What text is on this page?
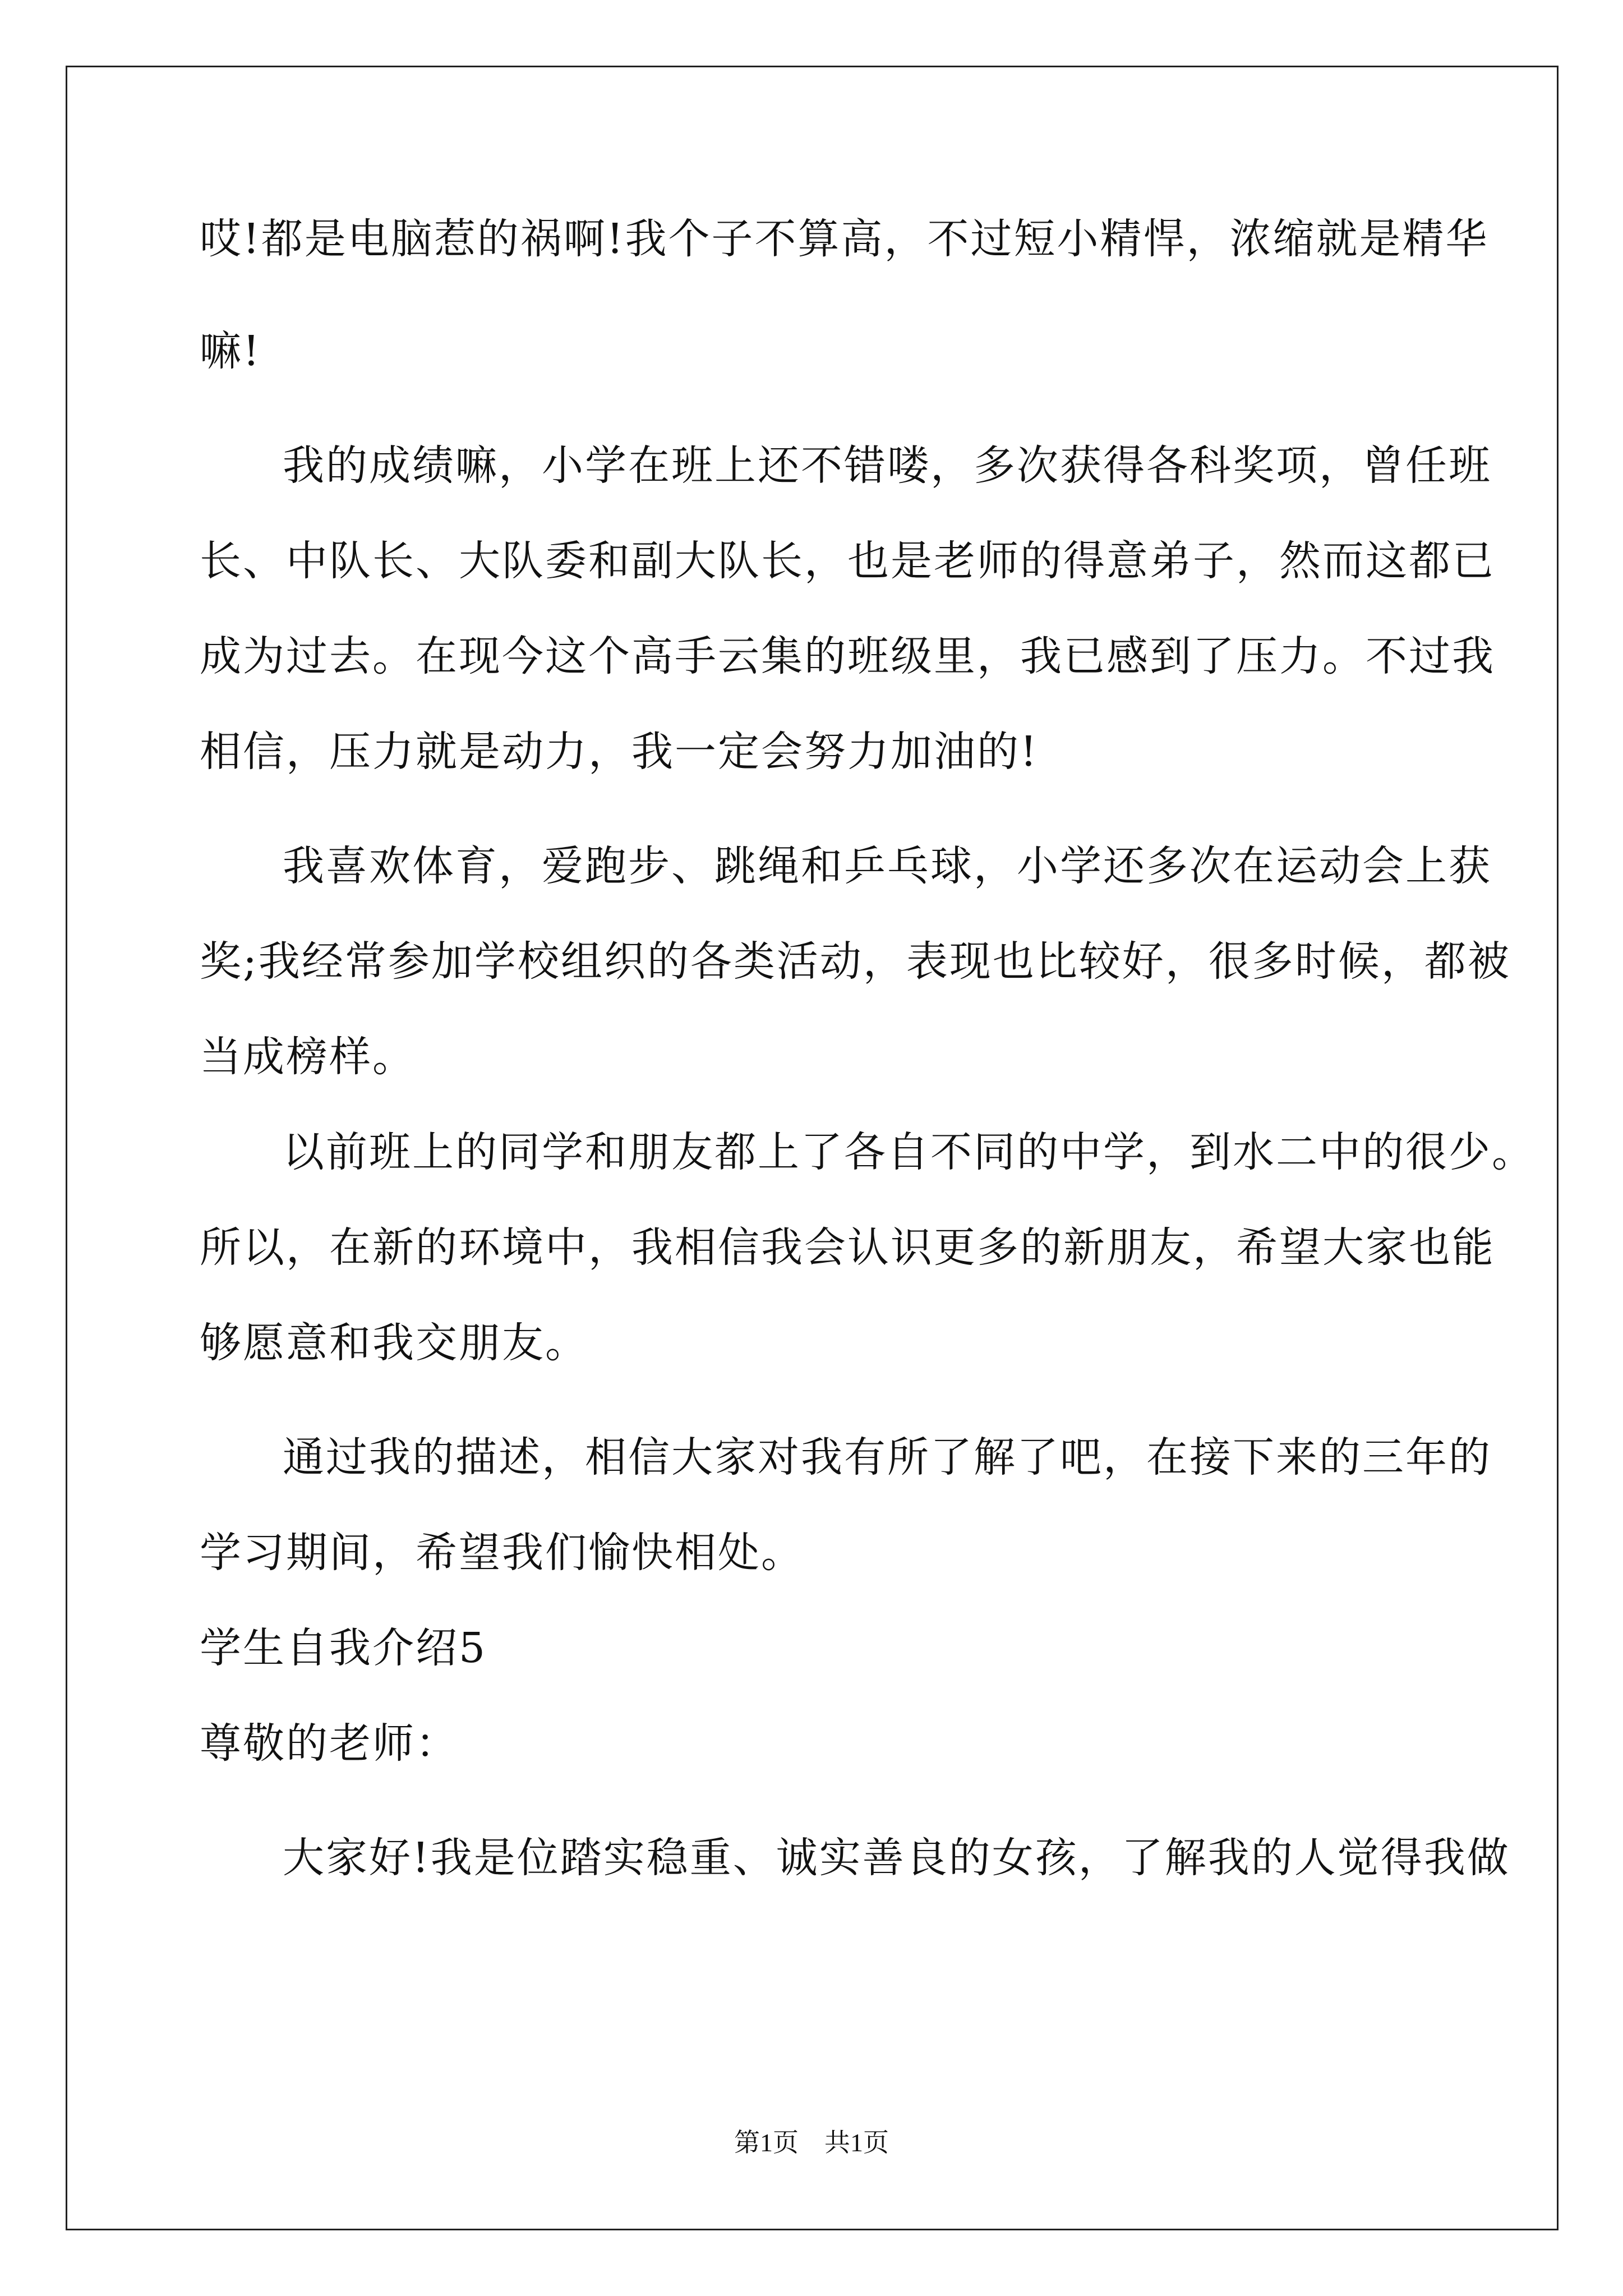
哎!都是电脑惹的祸啊!我个子不算高，不过短小精悍，浓缩就是精华
嘛!
我的成绩嘛，小学在班上还不错喽，多次获得各科奖项，曾任班
长、中队长、大队委和副大队长，也是老师的得意弟子，然而这都已
成为过去。在现今这个高手云集的班级里，我已感到了压力。不过我
相信，压力就是动力，我一定会努力加油的!
我喜欢体育，爱跑步、跳绳和乒乓球，小学还多次在运动会上获
奖;我经常参加学校组织的各类活动，表现也比较好，很多时候，都被
当成榜样。
以前班上的同学和朋友都上了各自不同的中学，到水二中的很少。
所以，在新的环境中，我相信我会认识更多的新朋友，希望大家也能
够愿意和我交朋友。
通过我的描述，相信大家对我有所了解了吧，在接下来的三年的
学习期间，希望我们愉快相处。
学生自我介绍5
尊敬的老师：
大家好!我是位踏实稳重、诚实善良的女孩，了解我的人觉得我做
第1页　共1页
